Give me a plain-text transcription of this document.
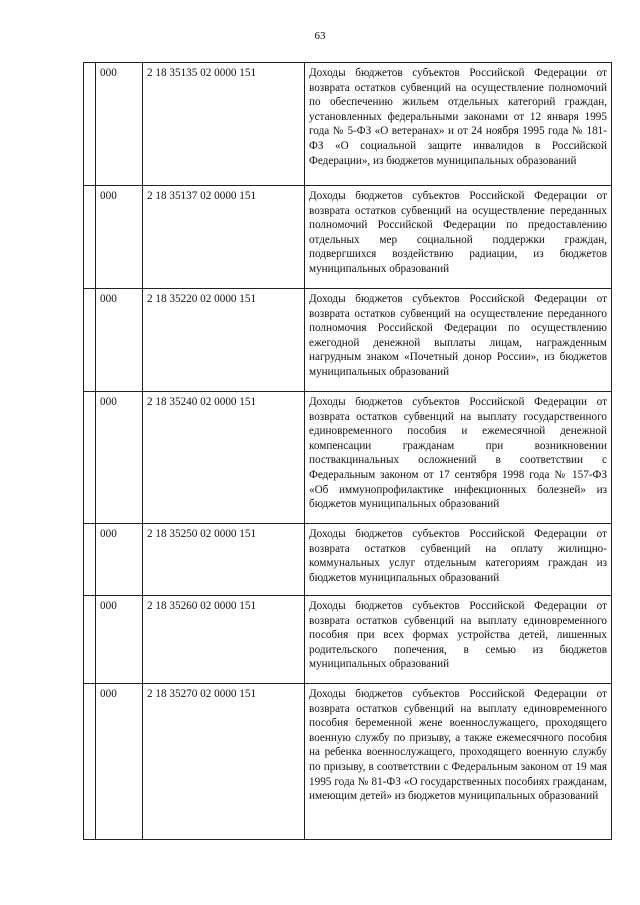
63
	000	2 18 35135 02 0000 151	Доходы бюджетов субъектов Российской Федерации от возврата остатков субвенций на осуществление полномочий по обеспечению жильем отдельных категорий граждан, установленных федеральными законами от 12 января 1995 года № 5-ФЗ «О ветеранах» и от 24 ноября 1995 года № 181-ФЗ «О социальной защите инвалидов в Российской Федерации», из бюджетов муниципальных образований
	000	2 18 35137 02 0000 151	Доходы бюджетов субъектов Российской Федерации от возврата остатков субвенций на осуществление переданных полномочий Российской Федерации по предоставлению отдельных мер социальной поддержки граждан, подвергшихся воздействию радиации, из бюджетов муниципальных образований
	000	2 18 35220 02 0000 151	Доходы бюджетов субъектов Российской Федерации от возврата остатков субвенций на осуществление переданного полномочия Российской Федерации по осуществлению ежегодной денежной выплаты лицам, награжденным нагрудным знаком «Почетный донор России», из бюджетов муниципальных образований
	000	2 18 35240 02 0000 151	Доходы бюджетов субъектов Российской Федерации от возврата остатков субвенций на выплату государственного единовременного пособия и ежемесячной денежной компенсации гражданам при возникновении поствакцинальных осложнений в соответствии с Федеральным законом от 17 сентября 1998 года № 157-ФЗ «Об иммунопрофилактике инфекционных болезней» из бюджетов муниципальных образований
	000	2 18 35250 02 0000 151	Доходы бюджетов субъектов Российской Федерации от возврата остатков субвенций на оплату жилищно-коммунальных услуг отдельным категориям граждан из бюджетов муниципальных образований
	000	2 18 35260 02 0000 151	Доходы бюджетов субъектов Российской Федерации от возврата остатков субвенций на выплату единовременного пособия при всех формах устройства детей, лишенных родительского попечения, в семью из бюджетов муниципальных образований
	000	2 18 35270 02 0000 151	Доходы бюджетов субъектов Российской Федерации от возврата остатков субвенций на выплату единовременного пособия беременной жене военнослужащего, проходящего военную службу по призыву, а также ежемесячного пособия на ребенка военнослужащего, проходящего военную службу по призыву, в соответствии с Федеральным законом от 19 мая 1995 года № 81-ФЗ «О государственных пособиях гражданам, имеющим детей» из бюджетов муниципальных образований
